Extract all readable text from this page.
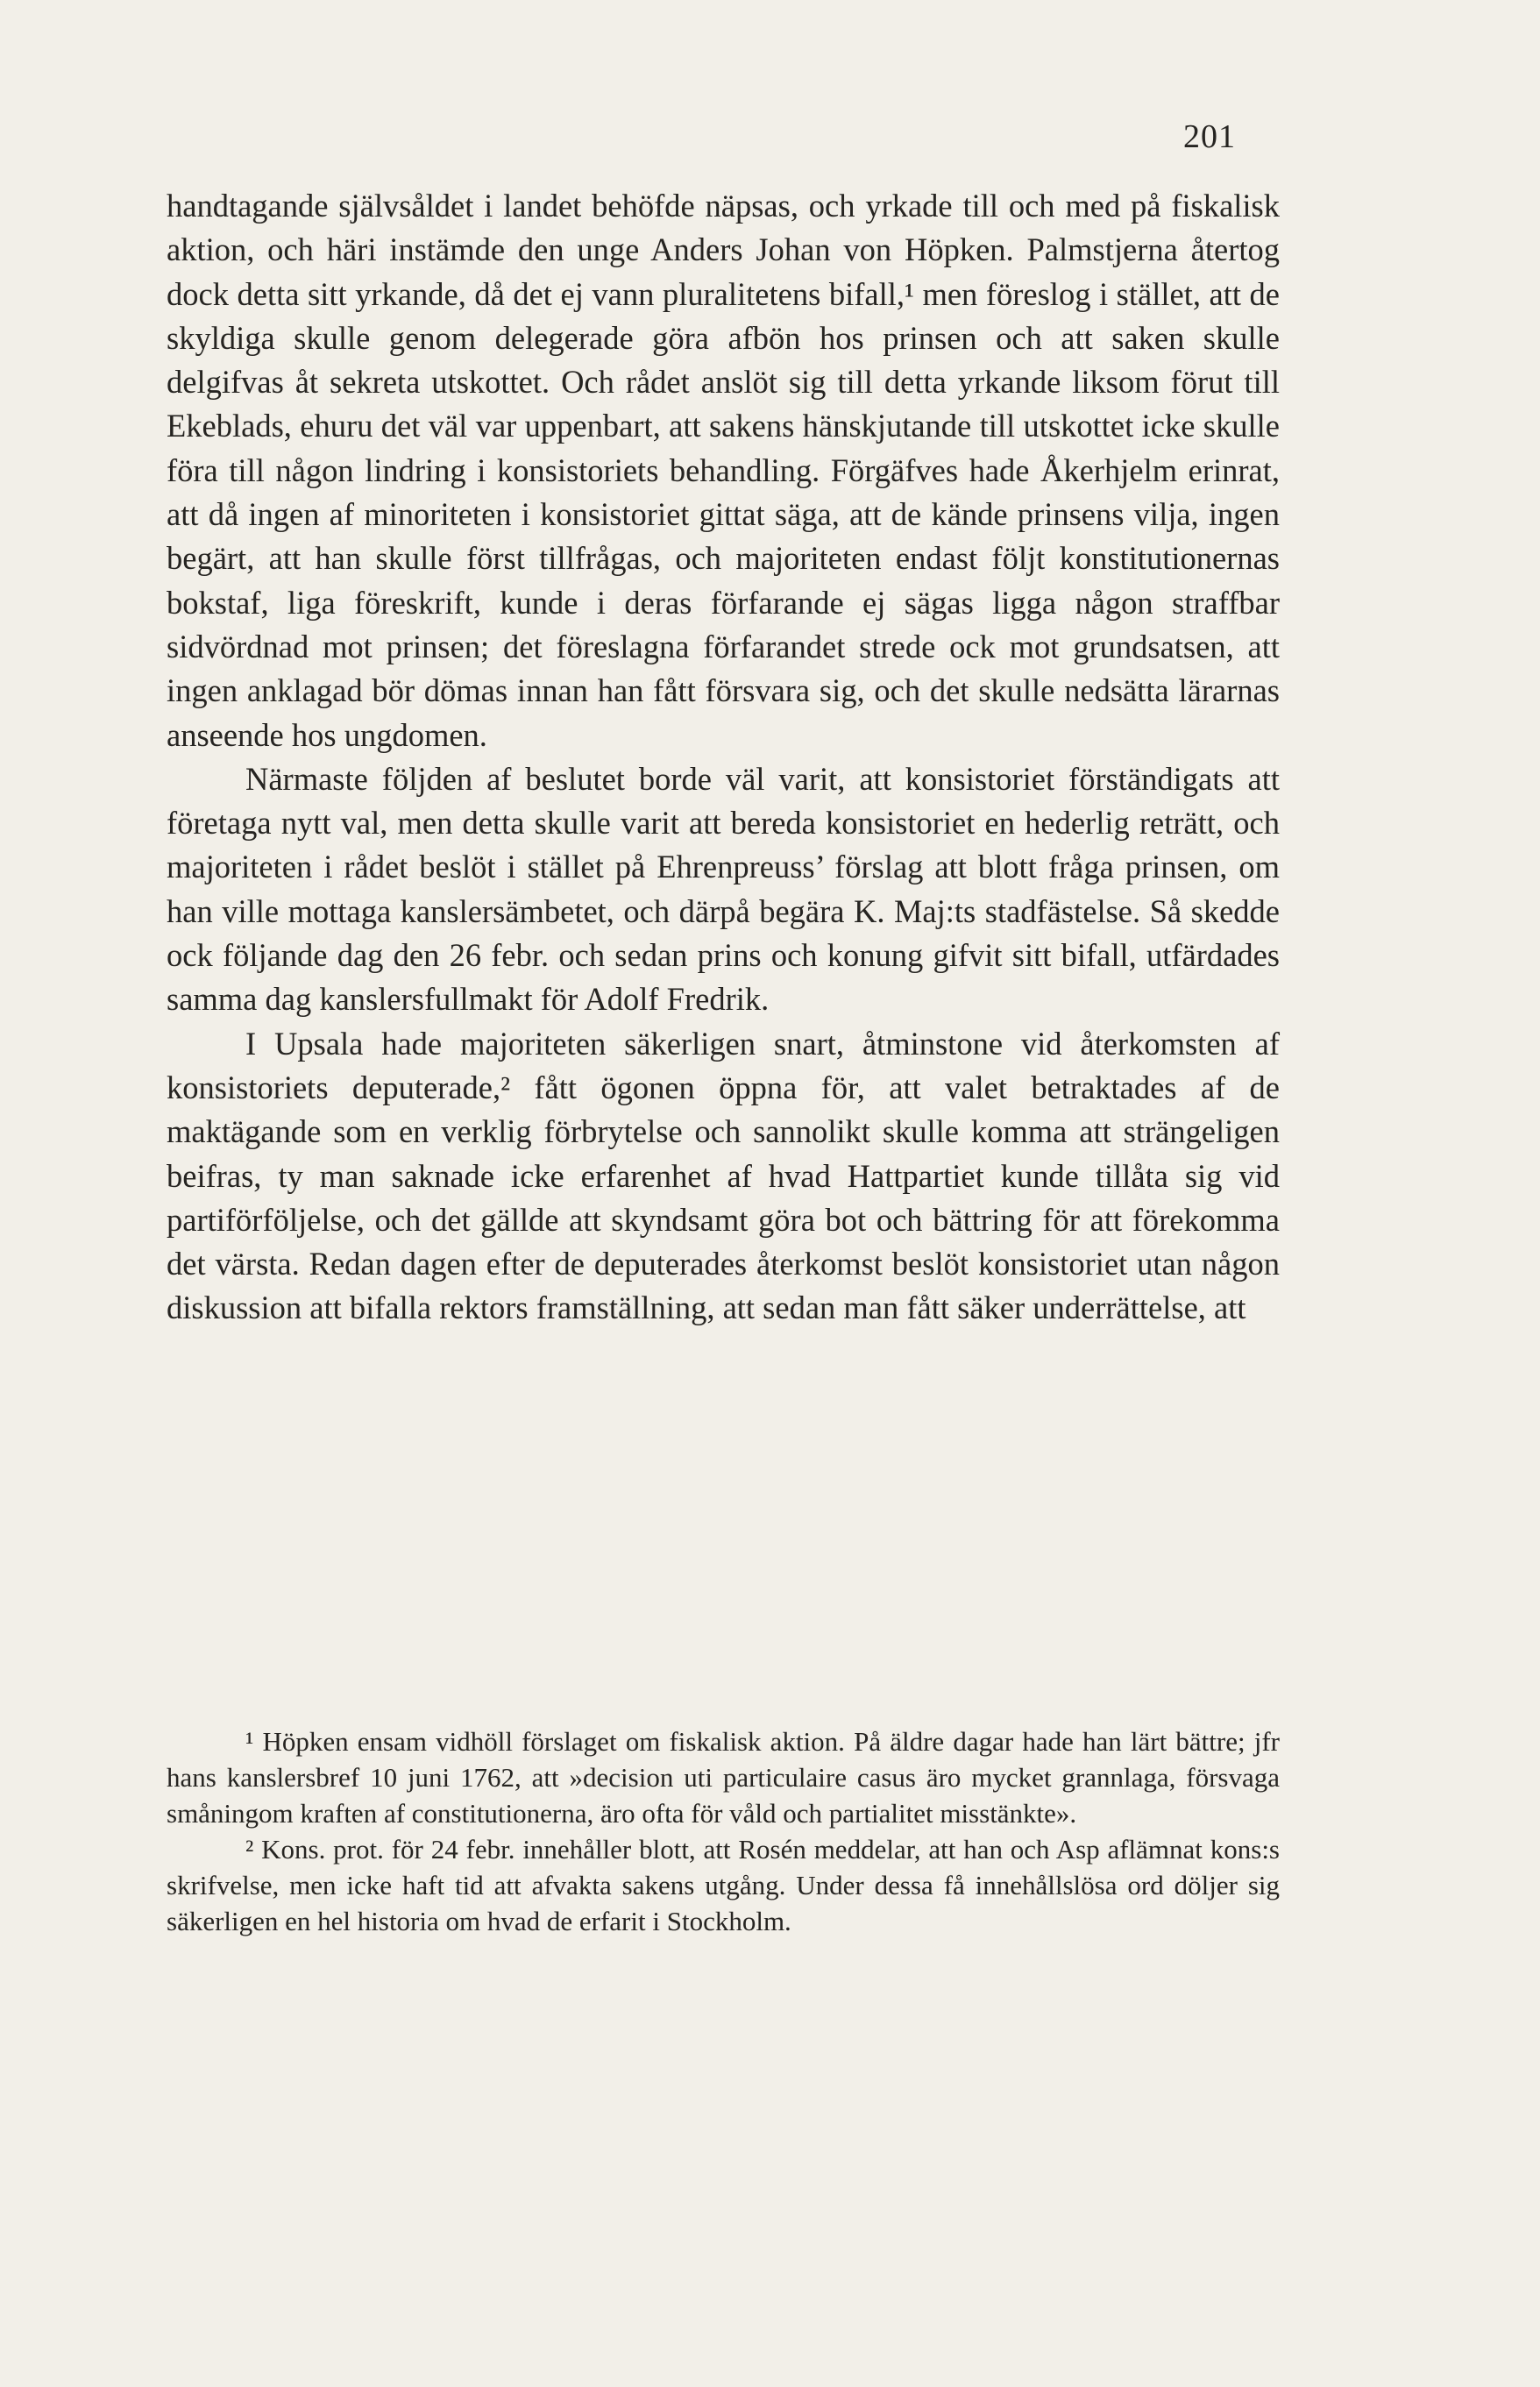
201

handtagande självsåldet i landet behöfde näpsas, och yrkade till och med på fiskalisk aktion, och häri instämde den unge Anders Johan von Höpken. Palmstjerna återtog dock detta sitt yrkande, då det ej vann pluralitetens bifall,¹ men föreslog i stället, att de skyldiga skulle genom delegerade göra afbön hos prinsen och att saken skulle delgifvas åt sekreta utskottet. Och rådet anslöt sig till detta yrkande liksom förut till Ekeblads, ehuru det väl var uppenbart, att sakens hänskjutande till utskottet icke skulle föra till någon lindring i konsistoriets behandling. Förgäfves hade Åkerhjelm erinrat, att då ingen af minoriteten i konsistoriet gittat säga, att de kände prinsens vilja, ingen begärt, att han skulle först tillfrågas, och majoriteten endast följt konstitutionernas bokstaf, liga föreskrift, kunde i deras förfarande ej sägas ligga någon straffbar sidvördnad mot prinsen; det föreslagna förfarandet strede ock mot grundsatsen, att ingen anklagad bör dömas innan han fått försvara sig, och det skulle nedsätta lärarnas anseende hos ungdomen.

Närmaste följden af beslutet borde väl varit, att konsistoriet förständigats att företaga nytt val, men detta skulle varit att bereda konsistoriet en hederlig reträtt, och majoriteten i rådet beslöt i stället på Ehrenpreuss’ förslag att blott fråga prinsen, om han ville mottaga kanslersämbetet, och därpå begära K. Maj:ts stadfästelse. Så skedde ock följande dag den 26 febr. och sedan prins och konung gifvit sitt bifall, utfärdades samma dag kanslersfullmakt för Adolf Fredrik.

I Upsala hade majoriteten säkerligen snart, åtminstone vid återkomsten af konsistoriets deputerade,² fått ögonen öppna för, att valet betraktades af de maktägande som en verklig förbrytelse och sannolikt skulle komma att strängeligen beifras, ty man saknade icke erfarenhet af hvad Hattpartiet kunde tillåta sig vid partiförföljelse, och det gällde att skyndsamt göra bot och bättring för att förekomma det värsta. Redan dagen efter de deputerades återkomst beslöt konsistoriet utan någon diskussion att bifalla rektors framställning, att sedan man fått säker underrättelse, att

¹ Höpken ensam vidhöll förslaget om fiskalisk aktion. På äldre dagar hade han lärt bättre; jfr hans kanslersbref 10 juni 1762, att »decision uti particulaire casus äro mycket grannlaga, försvaga småningom kraften af constitutionerna, äro ofta för våld och partialitet misstänkte».

² Kons. prot. för 24 febr. innehåller blott, att Rosén meddelar, att han och Asp aflämnat kons:s skrifvelse, men icke haft tid att afvakta sakens utgång. Under dessa få innehållslösa ord döljer sig säkerligen en hel historia om hvad de erfarit i Stockholm.
